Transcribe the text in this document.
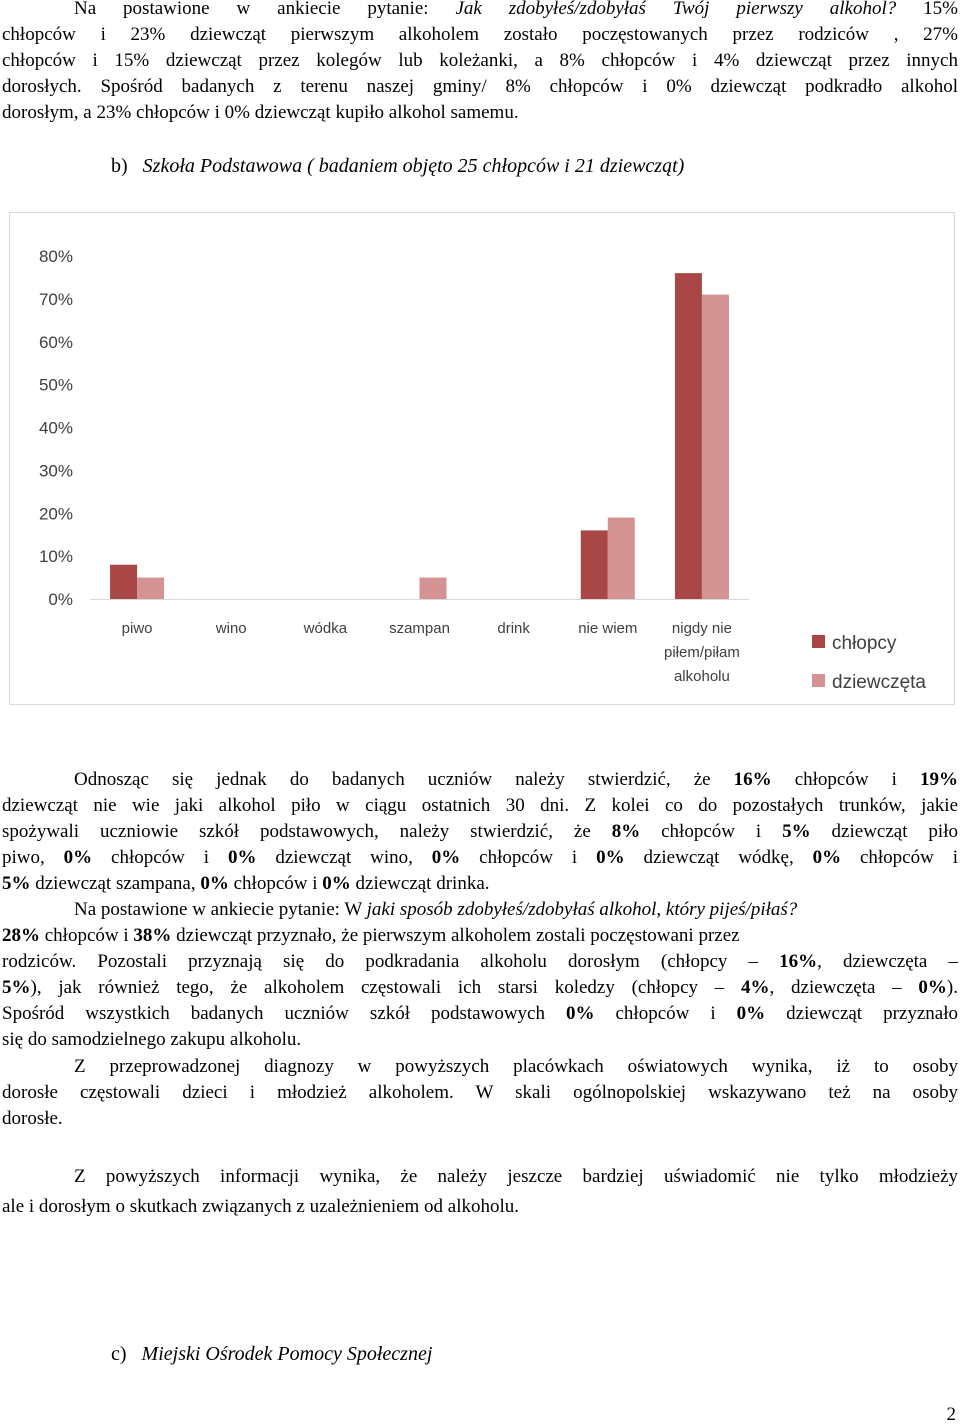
Na postawione w ankiecie pytanie: Jak zdobyłeś/zdobyłaś Twój pierwszy alkohol? 15%
chłopców i 23% dziewcząt pierwszym alkoholem zostało poczęstowanych przez rodziców , 27%
chłopców i 15% dziewcząt przez kolegów lub koleżanki, a 8% chłopców i 4% dziewcząt przez innych
dorosłych. Spośród badanych z terenu naszej gminy/ 8% chłopców i 0% dziewcząt podkradło alkohol
dorosłym, a 23% chłopców i 0% dziewcząt kupiło alkohol samemu.
b) Szkoła Podstawowa ( badaniem objęto 25 chłopców i 21 dziewcząt)
0%
10%
20%
30%
40%
50%
60%
70%
80%
piwo	wino	wódka	szampan	drink	nie wiem nigdy nie
piłem/piłam
alkoholu
chłopcy
dziewczęta
Odnosząc się jednak do badanych uczniów należy stwierdzić, że 16% chłopców i 19%
dziewcząt nie wie jaki alkohol piło w ciągu ostatnich 30 dni. Z kolei co do pozostałych trunków, jakie
spożywali uczniowie szkół podstawowych, należy stwierdzić, że 8% chłopców i 5% dziewcząt piło
piwo, 0% chłopców i 0% dziewcząt wino, 0% chłopców i 0% dziewcząt wódkę, 0% chłopców i
5% dziewcząt szampana, 0% chłopców i 0% dziewcząt drinka.
Na postawione w ankiecie pytanie: W jaki sposób zdobyłeś/zdobyłaś alkohol, który pijeś/piłaś?
28% chłopców i 38% dziewcząt przyznało, że pierwszym alkoholem zostali poczęstowani przez
rodziców. Pozostali przyznają się do podkradania alkoholu dorosłym (chłopcy – 16%, dziewczęta –
5%), jak również tego, że alkoholem częstowali ich starsi koledzy (chłopcy – 4%, dziewczęta – 0%).
Spośród wszystkich badanych uczniów szkół podstawowych 0% chłopców i 0% dziewcząt przyznało
się do samodzielnego zakupu alkoholu.
Z przeprowadzonej diagnozy w powyższych placówkach oświatowych wynika, iż to osoby
dorosłe częstowali dzieci i młodzież alkoholem. W skali ogólnopolskiej wskazywano też na osoby
dorosłe.
Z powyższych informacji wynika, że należy jeszcze bardziej uświadomić nie tylko młodzieży
ale i dorosłym o skutkach związanych z uzależnieniem od alkoholu.
c) Miejski Ośrodek Pomocy Społecznej
2
